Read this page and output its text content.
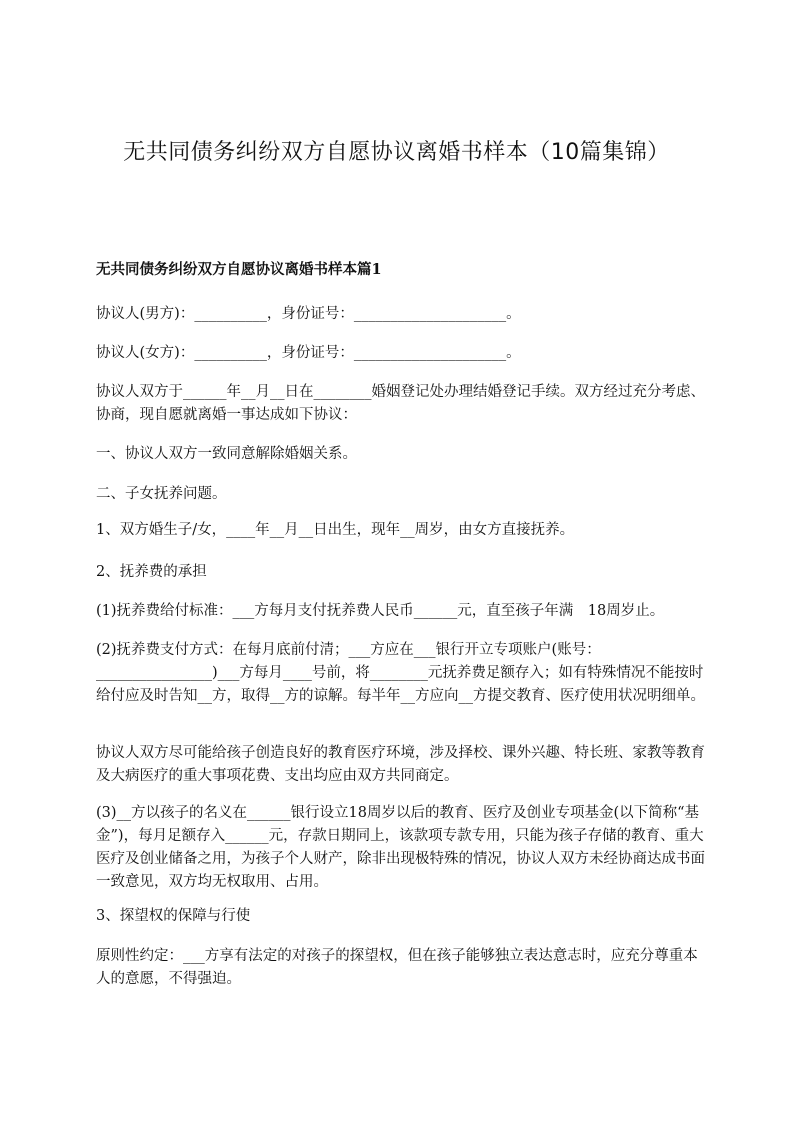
无共同债务纠纷双方自愿协议离婚书样本（10篇集锦）
无共同债务纠纷双方自愿协议离婚书样本篇1

协议人(男方)：__________，身份证号：_____________________。

协议人(女方)：__________，身份证号：_____________________。

协议人双方于______年__月__日在________婚姻登记处办理结婚登记手续。双方经过充分考虑、协商，现自愿就离婚一事达成如下协议：

一、协议人双方一致同意解除婚姻关系。

二、子女抚养问题。

1、双方婚生子/女，____年__月__日出生，现年__周岁，由女方直接抚养。

2、抚养费的承担

(1)抚养费给付标准：___方每月支付抚养费人民币______元，直至孩子年满　18周岁止。

(2)抚养费支付方式：在每月底前付清；___方应在___银行开立专项账户(账号：________________)___方每月____号前，将________元抚养费足额存入；如有特殊情况不能按时给付应及时告知__方，取得__方的谅解。每半年__方应向__方提交教育、医疗使用状况明细单。

协议人双方尽可能给孩子创造良好的教育医疗环境，涉及择校、课外兴趣、特长班、家教等教育及大病医疗的重大事项花费、支出均应由双方共同商定。

(3)__方以孩子的名义在______银行设立18周岁以后的教育、医疗及创业专项基金(以下简称“基金”)，每月足额存入______元，存款日期同上，该款项专款专用，只能为孩子存储的教育、重大医疗及创业储备之用，为孩子个人财产，除非出现极特殊的情况，协议人双方未经协商达成书面一致意见，双方均无权取用、占用。

3、探望权的保障与行使

原则性约定：___方享有法定的对孩子的探望权，但在孩子能够独立表达意志时，应充分尊重本人的意愿，不得强迫。
